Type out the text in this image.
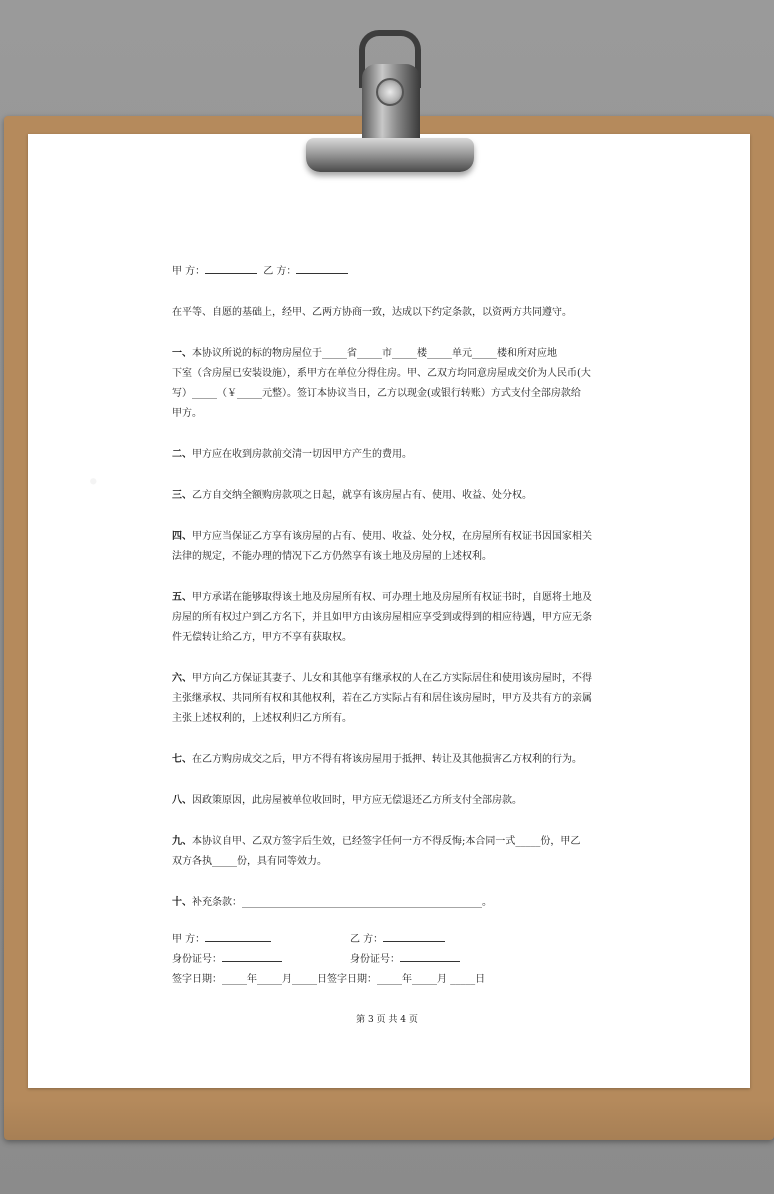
甲 方：	乙 方：

在平等、自愿的基础上，经甲、乙两方协商一致，达成以下约定条款，以资两方共同遵守。

一、本协议所说的标的物房屋位于_____省_____市_____楼_____单元_____楼和所对应地
下室（含房屋已安装设施），系甲方在单位分得住房。甲、乙双方均同意房屋成交价为人民币(大
写）_____（￥_____元整）。签订本协议当日，乙方以现金(或银行转账）方式支付全部房款给
甲方。

二、甲方应在收到房款前交清一切因甲方产生的费用。

三、乙方自交纳全额购房款项之日起，就享有该房屋占有、使用、收益、处分权。

四、甲方应当保证乙方享有该房屋的占有、使用、收益、处分权，在房屋所有权证书因国家相关
法律的规定，不能办理的情况下乙方仍然享有该土地及房屋的上述权利。

五、甲方承诺在能够取得该土地及房屋所有权、可办理土地及房屋所有权证书时，自愿将土地及
房屋的所有权过户到乙方名下，并且如甲方由该房屋相应享受到或得到的相应待遇，甲方应无条
件无偿转让给乙方，甲方不享有获取权。

六、甲方向乙方保证其妻子、儿女和其他享有继承权的人在乙方实际居住和使用该房屋时，不得
主张继承权、共同所有权和其他权利，若在乙方实际占有和居住该房屋时，甲方及共有方的亲属
主张上述权利的，上述权利归乙方所有。

七、在乙方购房成交之后，甲方不得有将该房屋用于抵押、转让及其他损害乙方权利的行为。

八、因政策原因，此房屋被单位收回时，甲方应无偿退还乙方所支付全部房款。

九、本协议自甲、乙双方签字后生效，已经签字任何一方不得反悔;本合同一式_____份，甲乙
双方各执_____份，具有同等效力。

十、补充条款：________________________________________________。

甲 方：	乙 方：
身份证号：	身份证号：
签字日期：_____年_____月_____日签字日期：_____年_____月 _____日
第 3 页 共 4 页
